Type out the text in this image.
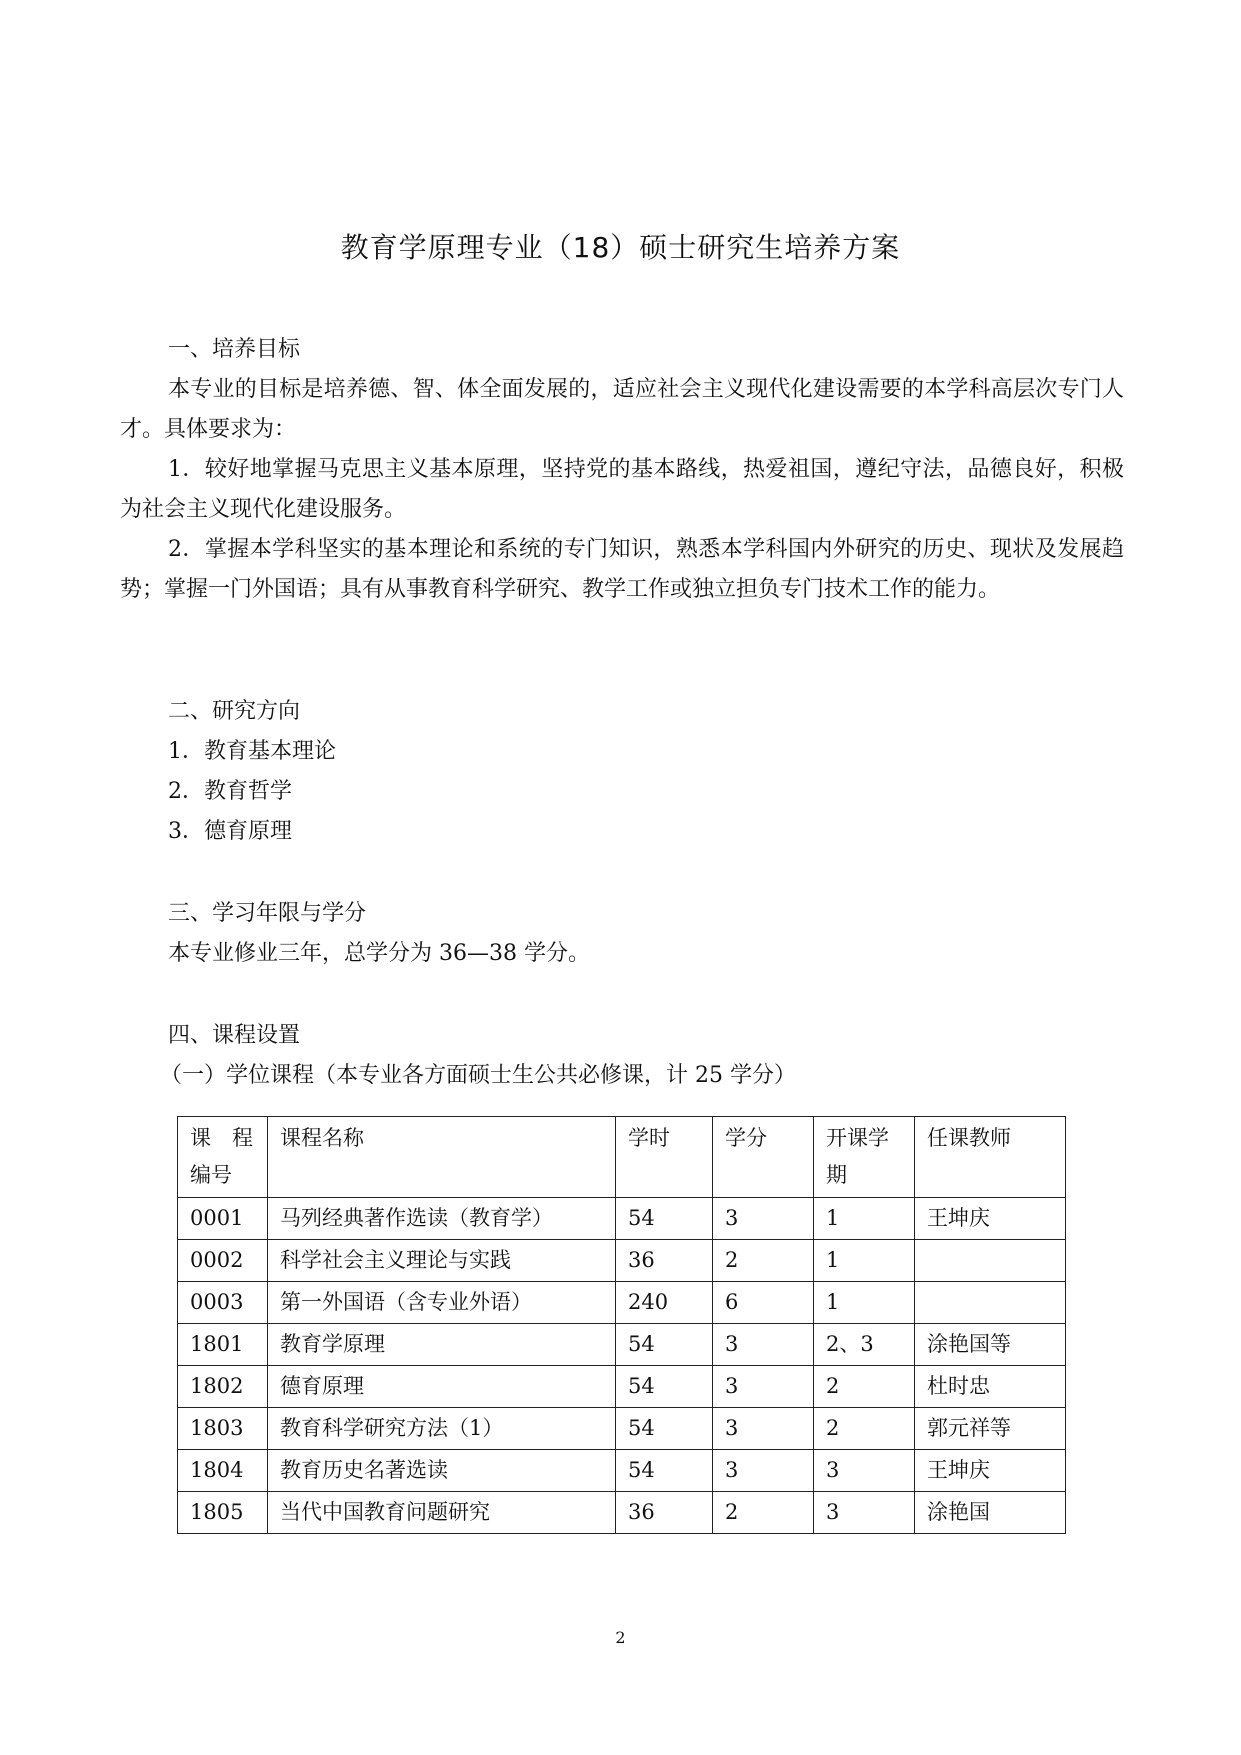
教育学原理专业（18）硕士研究生培养方案
一、培养目标
本专业的目标是培养德、智、体全面发展的，适应社会主义现代化建设需要的本学科高层次专门人才。具体要求为：
1．较好地掌握马克思主义基本原理，坚持党的基本路线，热爱祖国，遵纪守法，品德良好，积极为社会主义现代化建设服务。
2．掌握本学科坚实的基本理论和系统的专门知识，熟悉本学科国内外研究的历史、现状及发展趋势；掌握一门外国语；具有从事教育科学研究、教学工作或独立担负专门技术工作的能力。
二、研究方向
1．教育基本理论
2．教育哲学
3．德育原理
三、学习年限与学分
本专业修业三年，总学分为 36—38 学分。
四、课程设置
（一）学位课程（本专业各方面硕士生公共必修课，计 25 学分）
课　程编号	课程名称	学时	学分	开课学期	任课教师
0001	马列经典著作选读（教育学）	54	3	1	王坤庆
0002	科学社会主义理论与实践	36	2	1	
0003	第一外国语（含专业外语）	240	6	1	
1801	教育学原理	54	3	2、3	涂艳国等
1802	德育原理	54	3	2	杜时忠
1803	教育科学研究方法（1）	54	3	2	郭元祥等
1804	教育历史名著选读	54	3	3	王坤庆
1805	当代中国教育问题研究	36	2	3	涂艳国
2
